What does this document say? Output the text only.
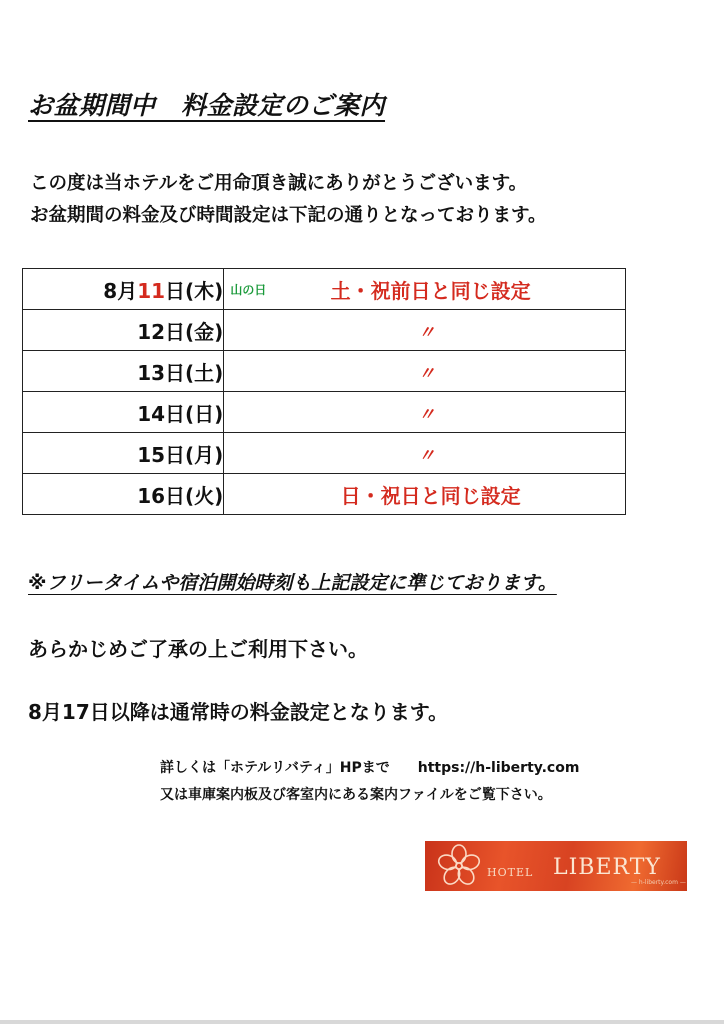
お盆期間中　料金設定のご案内
この度は当ホテルをご用命頂き誠にありがとうございます。
お盆期間の料金及び時間設定は下記の通りとなっております。
8月11日(木)	山の日 土・祝前日と同じ設定
12日(金)	〃
13日(土)	〃
14日(日)	〃
15日(月)	〃
16日(火)	日・祝日と同じ設定
※フリータイムや宿泊開始時刻も上記設定に準じております。
あらかじめご了承の上ご利用下さい。
8月17日以降は通常時の料金設定となります。
詳しくは「ホテルリバティ」HPまで https://h-liberty.com
又は車庫案内板及び客室内にある案内ファイルをご覧下さい。
HOTEL LIBERTY
— h-liberty.com —
